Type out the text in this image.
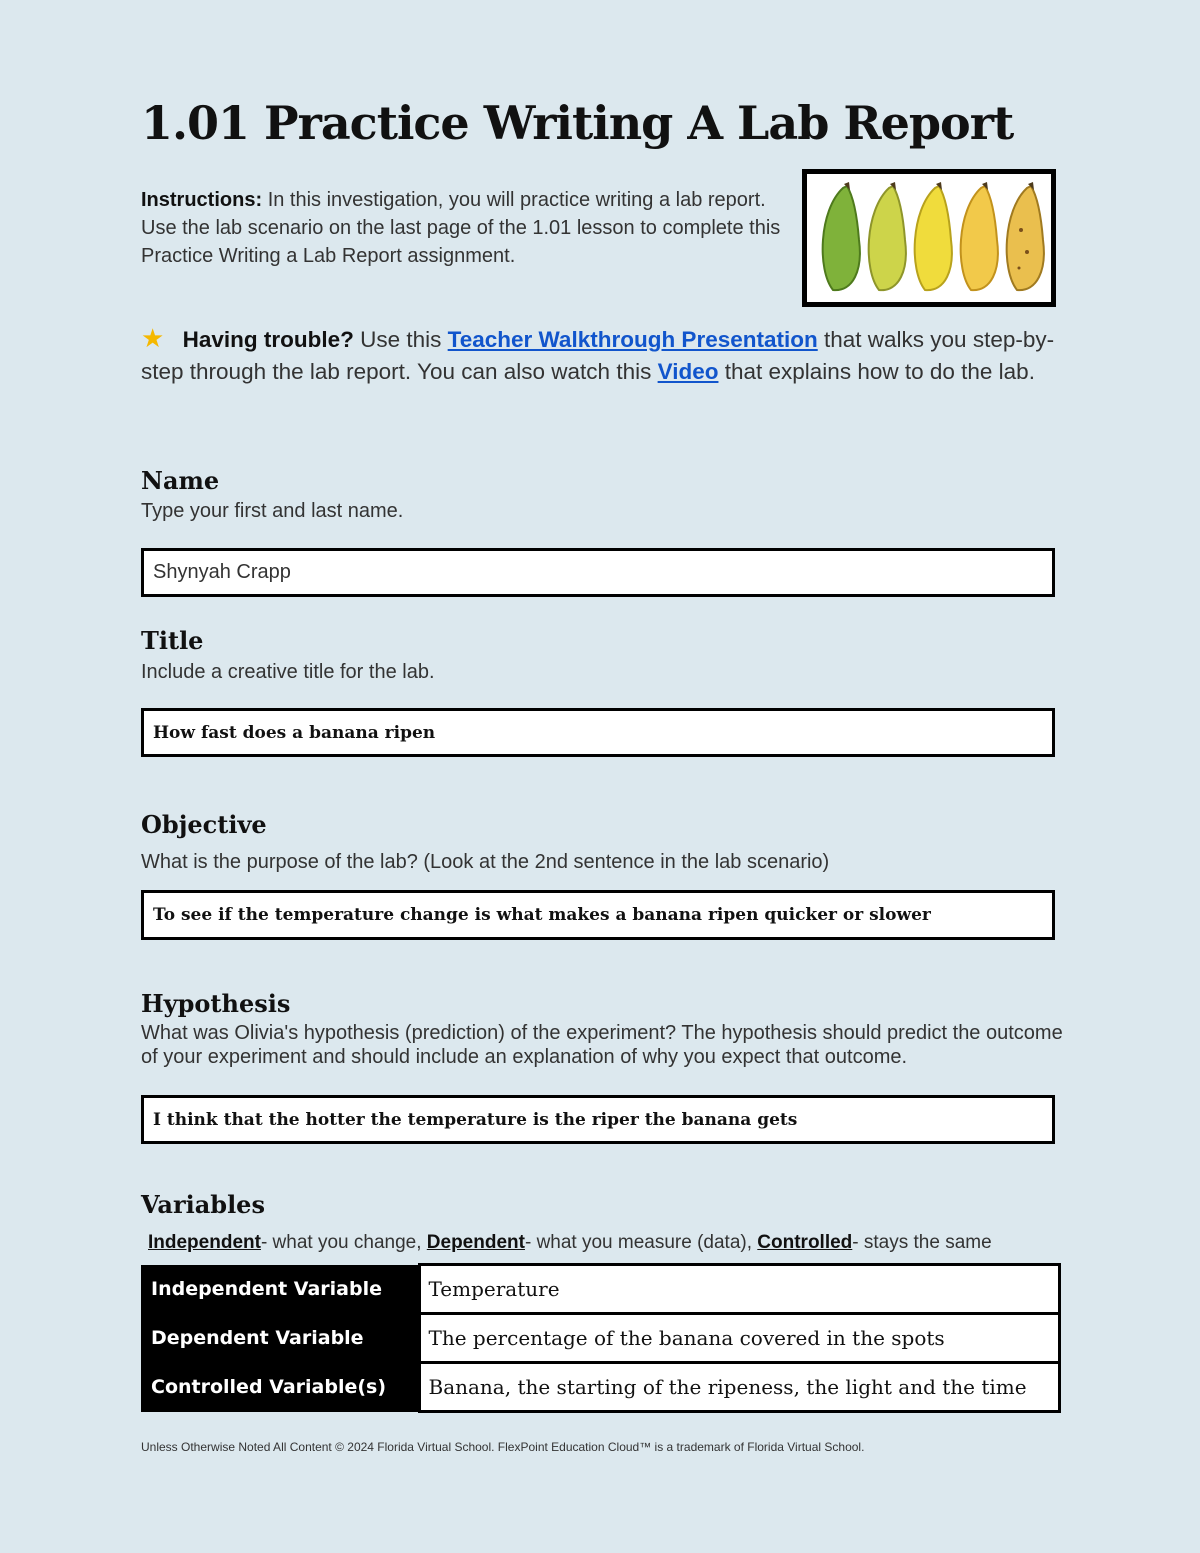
1.01 Practice Writing A Lab Report
Instructions: In this investigation, you will practice writing a lab report. Use the lab scenario on the last page of the 1.01 lesson to complete this Practice Writing a Lab Report assignment.
★ Having trouble? Use this Teacher Walkthrough Presentation that walks you step-by-step through the lab report. You can also watch this Video that explains how to do the lab.
Name
Type your first and last name.
Shynyah Crapp
Title
Include a creative title for the lab.
How fast does a banana ripen
Objective
What is the purpose of the lab? (Look at the 2nd sentence in the lab scenario)
To see if the temperature change is what makes a banana ripen quicker or slower
Hypothesis
What was Olivia's hypothesis (prediction) of the experiment? The hypothesis should predict the outcome of your experiment and should include an explanation of why you expect that outcome.
I think that the hotter the temperature is the riper the banana gets
Variables
Independent- what you change, Dependent- what you measure (data), Controlled- stays the same
Independent Variable	Temperature
Dependent Variable	The percentage of the banana covered in the spots
Controlled Variable(s)	Banana, the starting of the ripeness, the light and the time
Unless Otherwise Noted All Content © 2024 Florida Virtual School. FlexPoint Education Cloud™ is a trademark of Florida Virtual School.
